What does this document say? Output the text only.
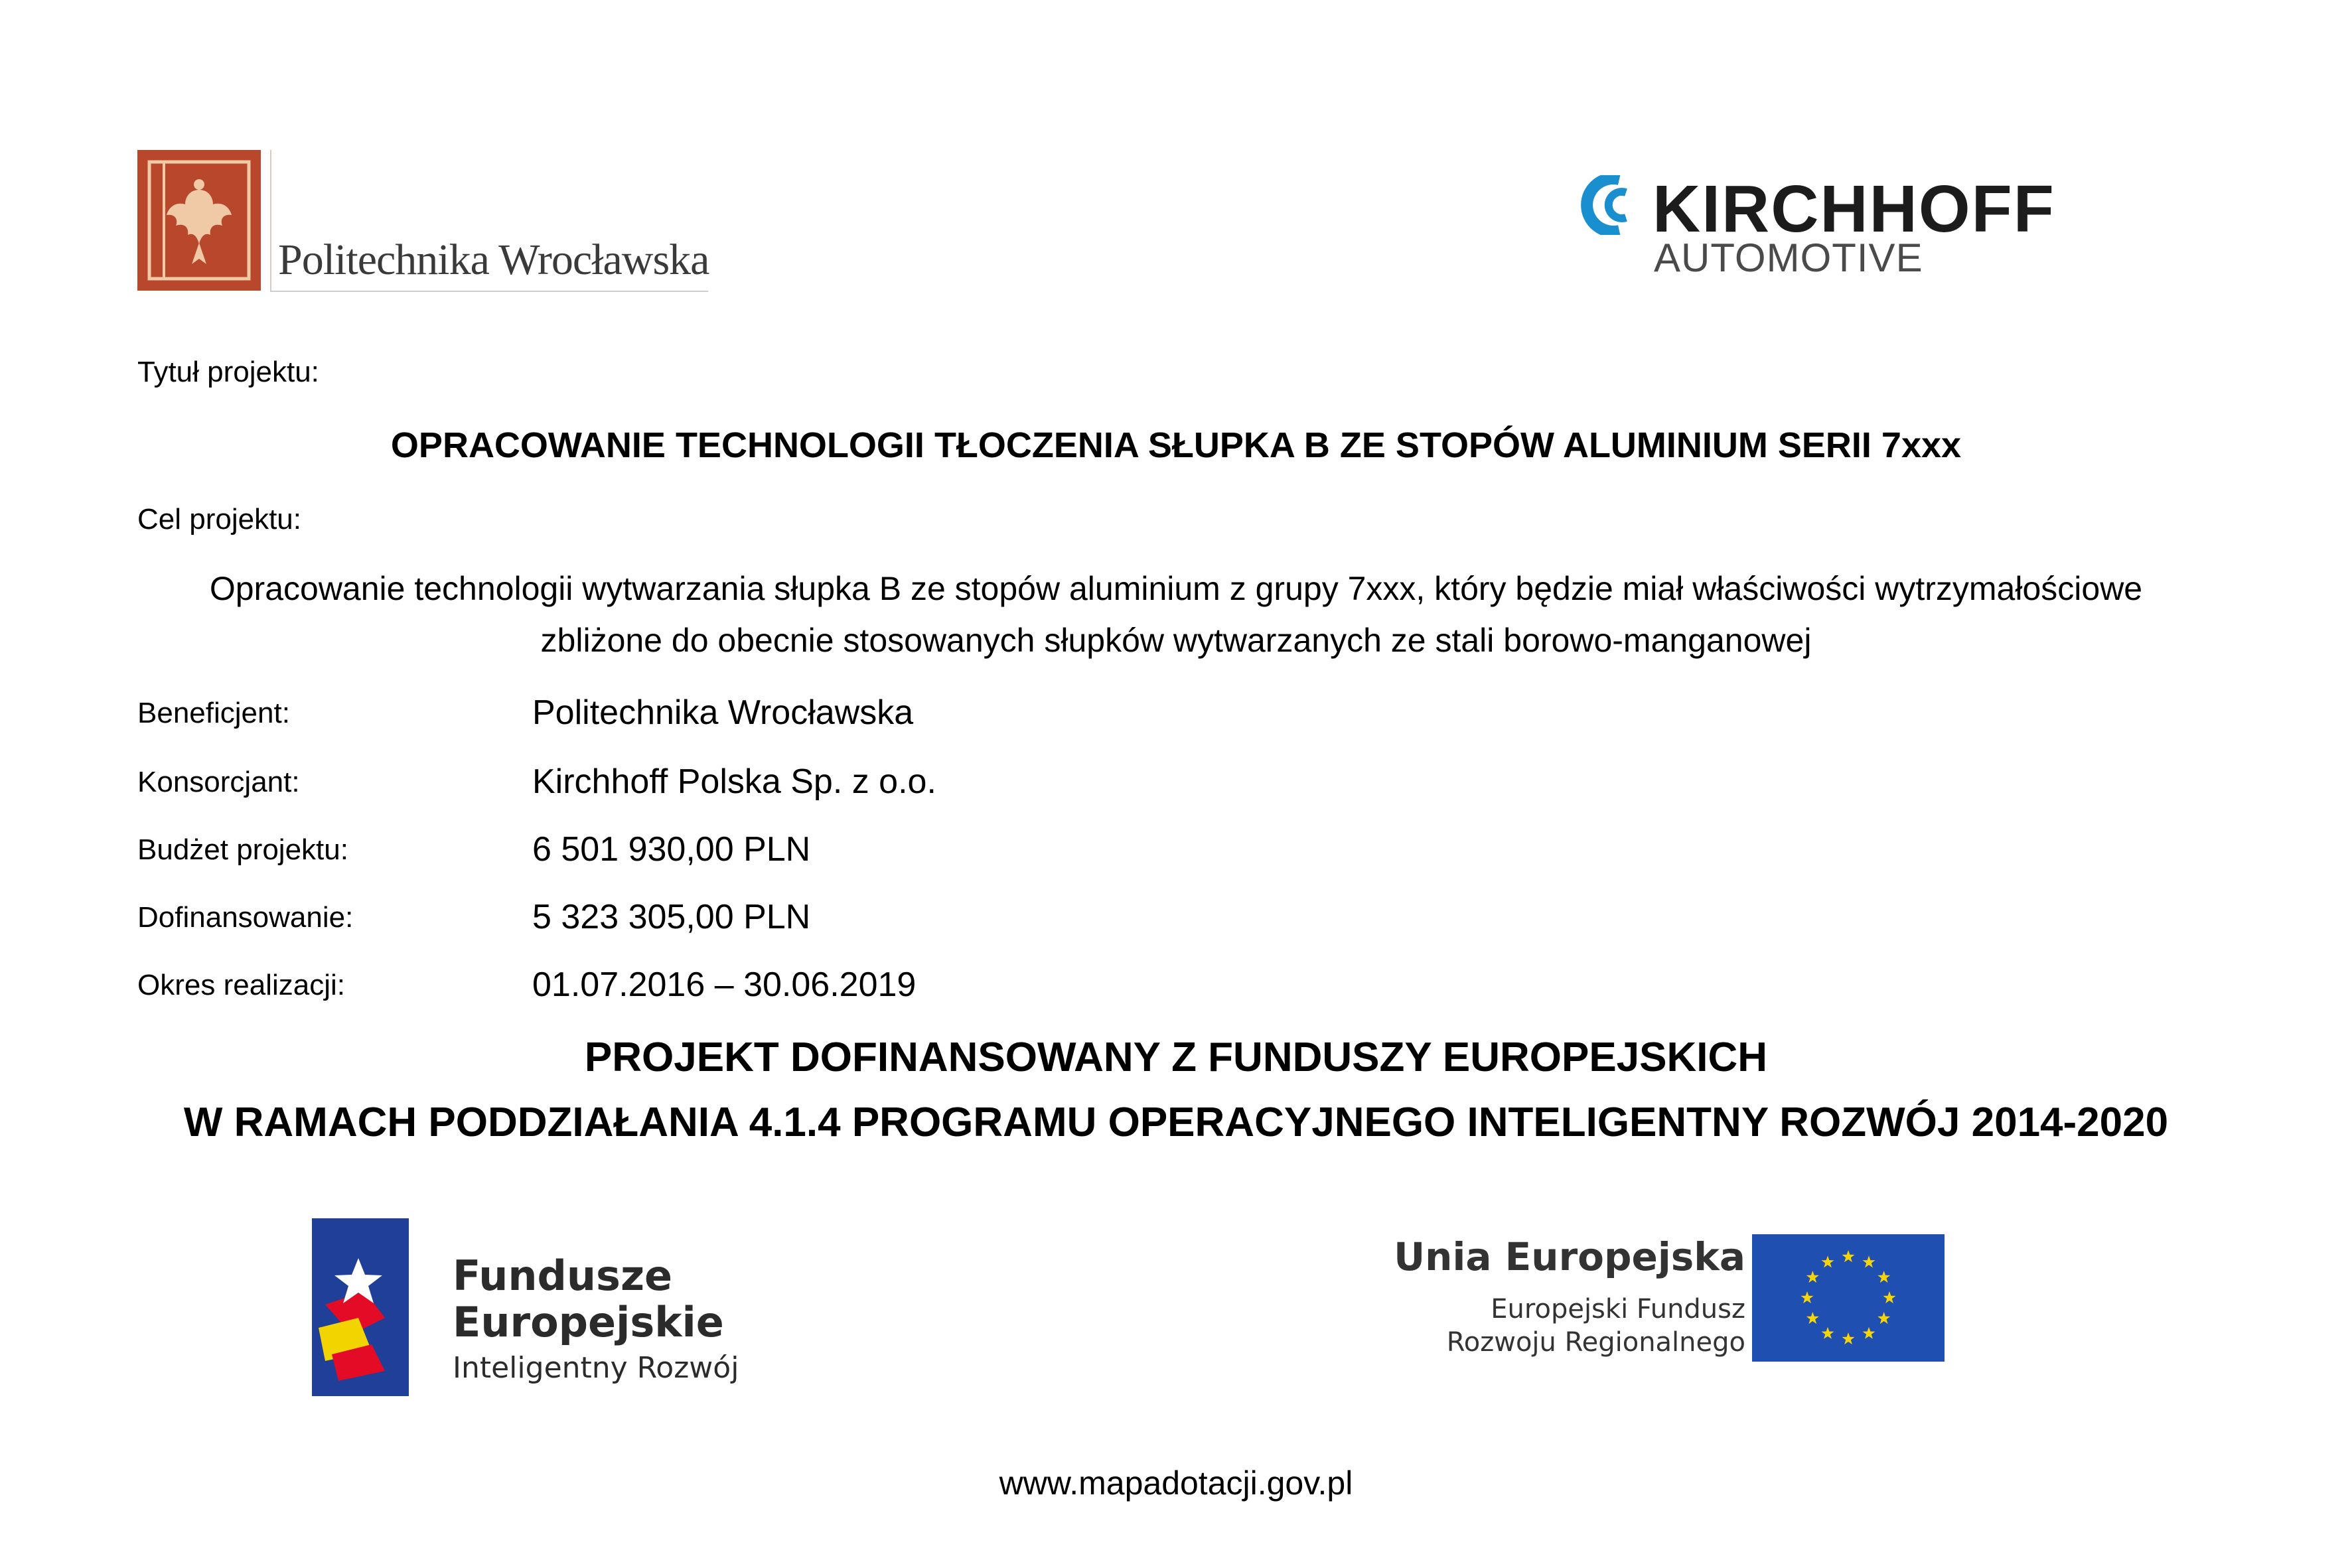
Politechnika Wrocławska
KIRCHHOFF
AUTOMOTIVE
Tytuł projektu:
OPRACOWANIE TECHNOLOGII TŁOCZENIA SŁUPKA B ZE STOPÓW ALUMINIUM SERII 7xxx
Cel projektu:
Opracowanie technologii wytwarzania słupka B ze stopów aluminium z grupy 7xxx, który będzie miał właściwości wytrzymałościowe
zbliżone do obecnie stosowanych słupków wytwarzanych ze stali borowo-manganowej
Beneficjent:	Politechnika Wrocławska
Konsorcjant:	Kirchhoff Polska Sp. z o.o.
Budżet projektu:	6 501 930,00 PLN
Dofinansowanie:	5 323 305,00 PLN
Okres realizacji:	01.07.2016 – 30.06.2019
PROJEKT DOFINANSOWANY Z FUNDUSZY EUROPEJSKICH
W RAMACH PODDZIAŁANIA 4.1.4 PROGRAMU OPERACYJNEGO INTELIGENTNY ROZWÓJ 2014-2020
Fundusze
Europejskie
Inteligentny Rozwój
Unia Europejska
Europejski Fundusz
Rozwoju Regionalnego
www.mapadotacji.gov.pl
